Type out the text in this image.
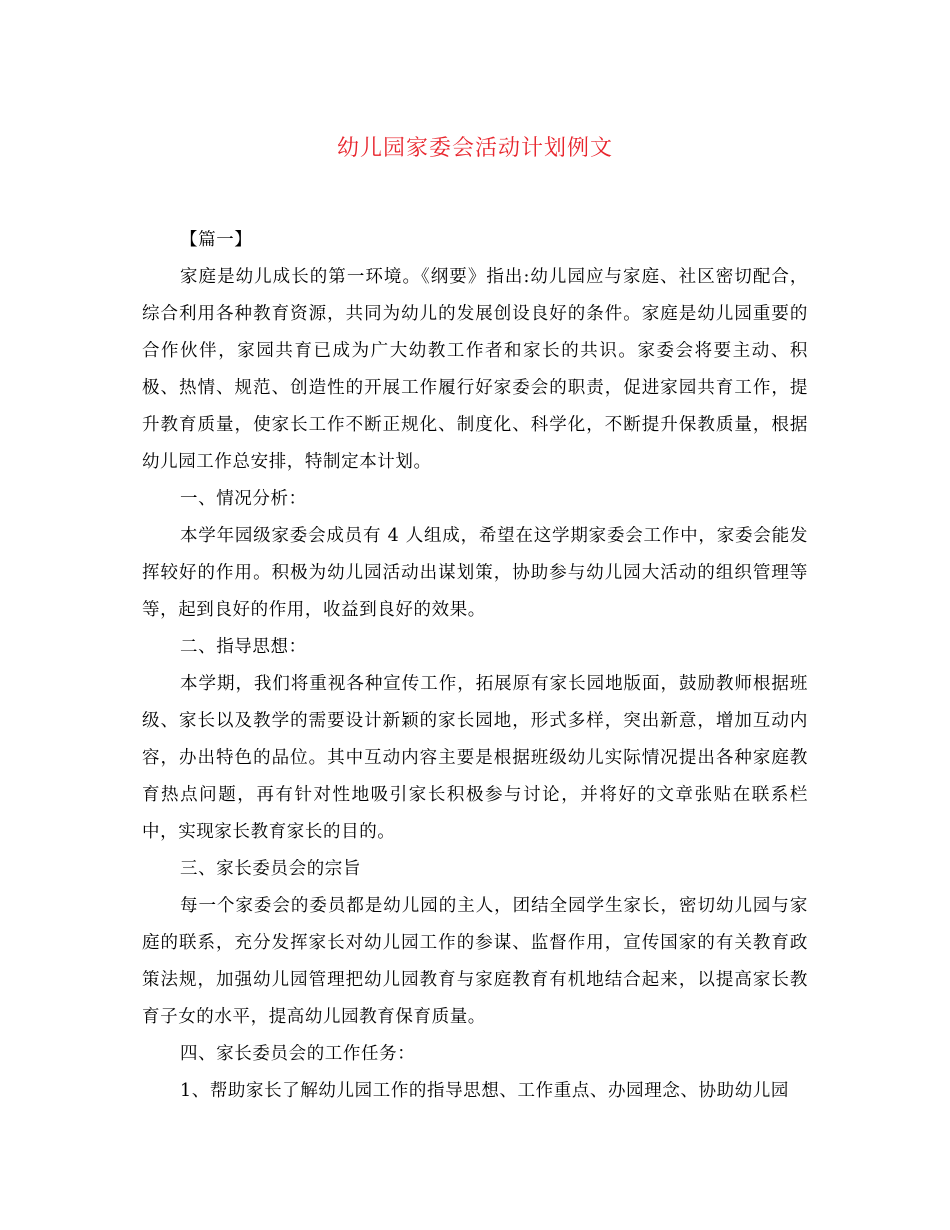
幼儿园家委会活动计划例文

【篇一】

家庭是幼儿成长的第一环境。《纲要》指出:幼儿园应与家庭、社区密切配合，综合利用各种教育资源，共同为幼儿的发展创设良好的条件。家庭是幼儿园重要的合作伙伴，家园共育已成为广大幼教工作者和家长的共识。家委会将要主动、积极、热情、规范、创造性的开展工作履行好家委会的职责，促进家园共育工作，提升教育质量，使家长工作不断正规化、制度化、科学化，不断提升保教质量，根据幼儿园工作总安排，特制定本计划。

一、情况分析：

本学年园级家委会成员有 4 人组成，希望在这学期家委会工作中，家委会能发挥较好的作用。积极为幼儿园活动出谋划策，协助参与幼儿园大活动的组织管理等等，起到良好的作用，收益到良好的效果。

二、指导思想：

本学期，我们将重视各种宣传工作，拓展原有家长园地版面，鼓励教师根据班级、家长以及教学的需要设计新颖的家长园地，形式多样，突出新意，增加互动内容，办出特色的品位。其中互动内容主要是根据班级幼儿实际情况提出各种家庭教育热点问题，再有针对性地吸引家长积极参与讨论，并将好的文章张贴在联系栏中，实现家长教育家长的目的。

三、家长委员会的宗旨

每一个家委会的委员都是幼儿园的主人，团结全园学生家长，密切幼儿园与家庭的联系，充分发挥家长对幼儿园工作的参谋、监督作用，宣传国家的有关教育政策法规，加强幼儿园管理把幼儿园教育与家庭教育有机地结合起来，以提高家长教育子女的水平，提高幼儿园教育保育质量。

四、家长委员会的工作任务：

1、帮助家长了解幼儿园工作的指导思想、工作重点、办园理念、协助幼儿园
